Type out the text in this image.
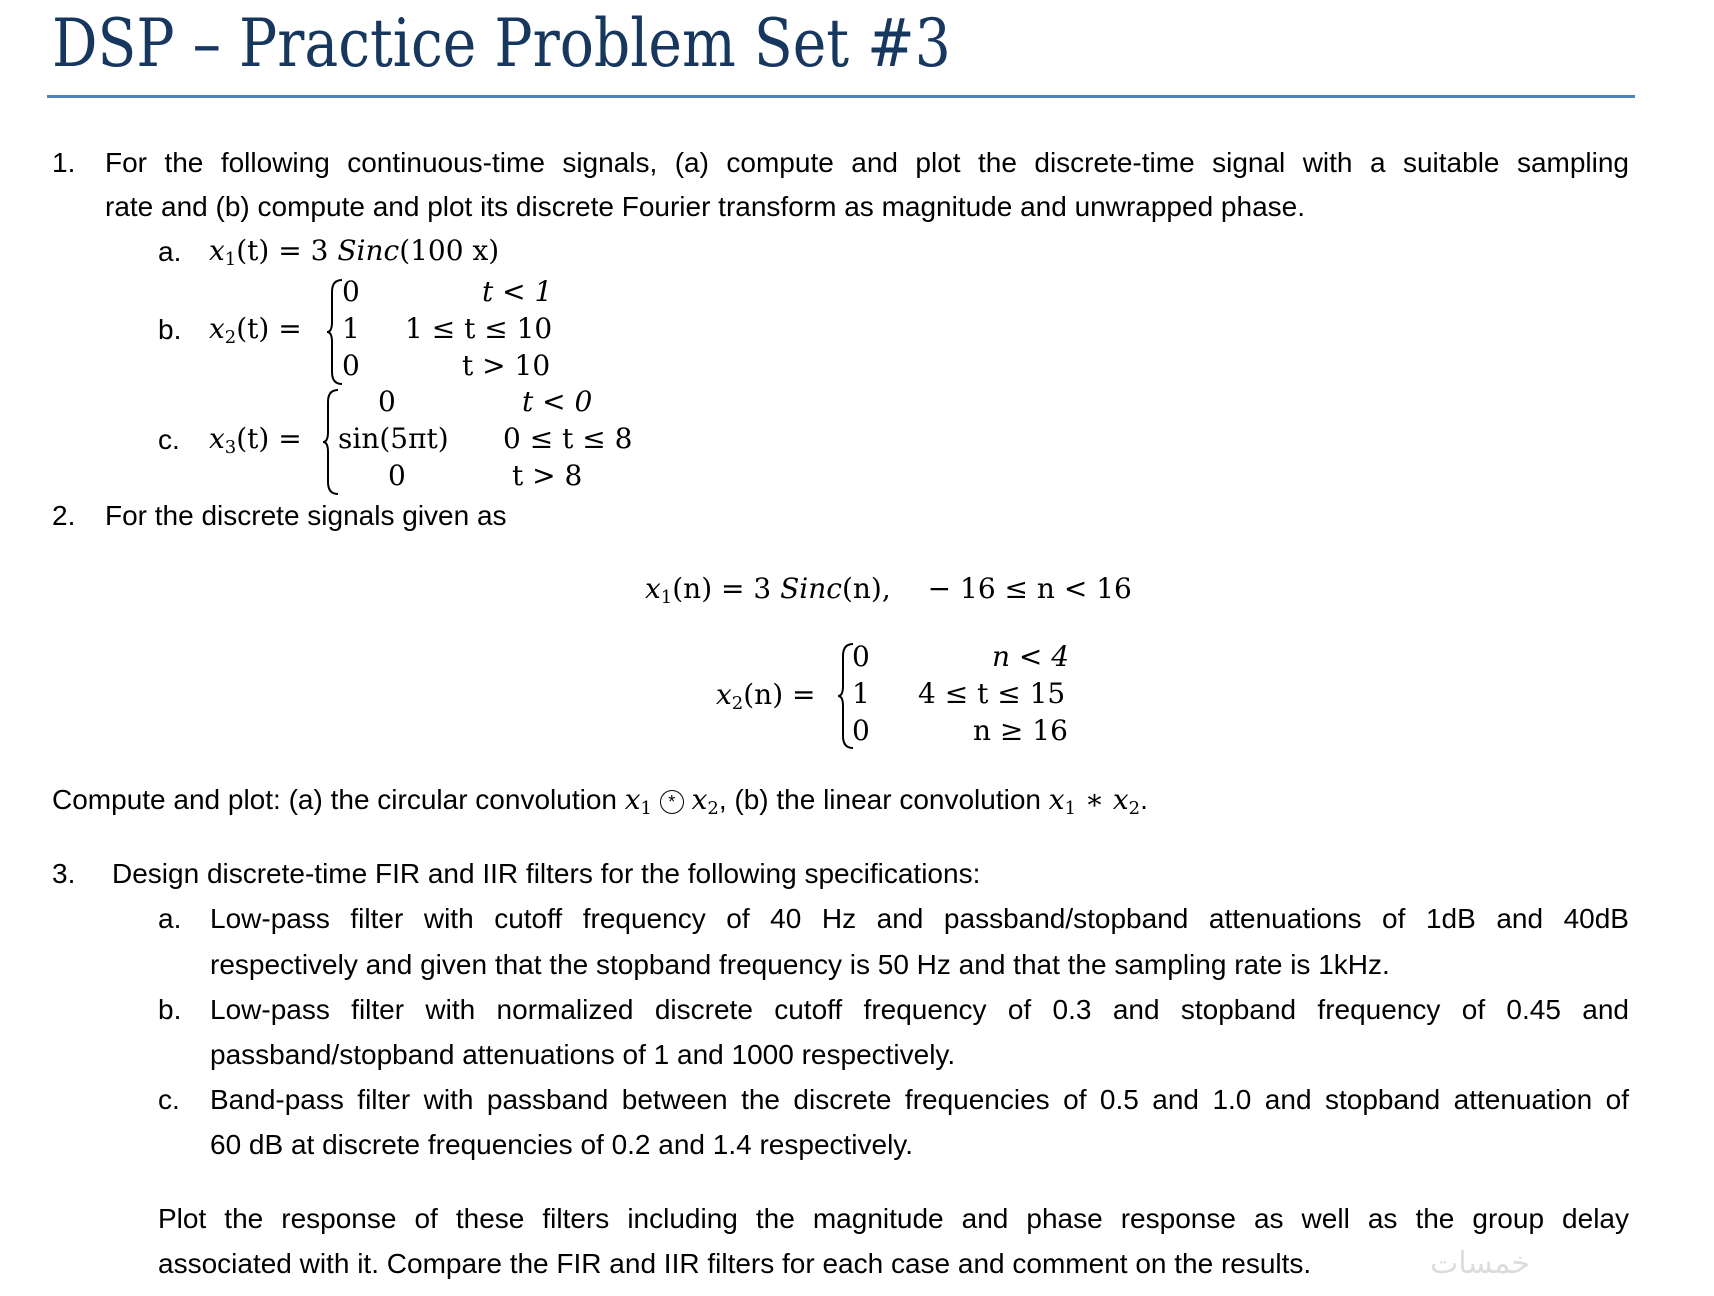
DSP – Practice Problem Set #3
1. For the following continuous-time signals, (a) compute and plot the discrete-time signal with a suitable sampling
rate and (b) compute and plot its discrete Fourier transform as magnitude and unwrapped phase.
a. $x_1(t) = 3$ Sinc(100 x)
b. $x_2(t)$ =
0	t < 1
1 1 ≤ t ≤ 10
0	t > 10
c. $x_3(t)$ =
0	t < 0
sin(5πt) 0 ≤ t ≤ 8
0	t > 8
2. For the discrete signals given as
$x_1(n) = 3$ Sinc(n), − 16 ≤ n < 16
$x_2(n)$ =
0	n < 4
1 4 ≤ t ≤ 15
0	n ≥ 16
Compute and plot: (a) the circular convolution $x_1 * x_2$, (b) the linear convolution $x_1$ ∗ $x_2$.
3. Design discrete-time FIR and IIR filters for the following specifications:
a. Low-pass filter with cutoff frequency of 40 Hz and passband/stopband attenuations of 1dB and 40dB
respectively and given that the stopband frequency is 50 Hz and that the sampling rate is 1kHz.
b. Low-pass filter with normalized discrete cutoff frequency of 0.3 and stopband frequency of 0.45 and
passband/stopband attenuations of 1 and 1000 respectively.
c. Band-pass filter with passband between the discrete frequencies of 0.5 and 1.0 and stopband attenuation of
60 dB at discrete frequencies of 0.2 and 1.4 respectively.
Plot the response of these filters including the magnitude and phase response as well as the group delay
associated with it. Compare the FIR and IIR filters for each case and comment on the results.	خمسات
